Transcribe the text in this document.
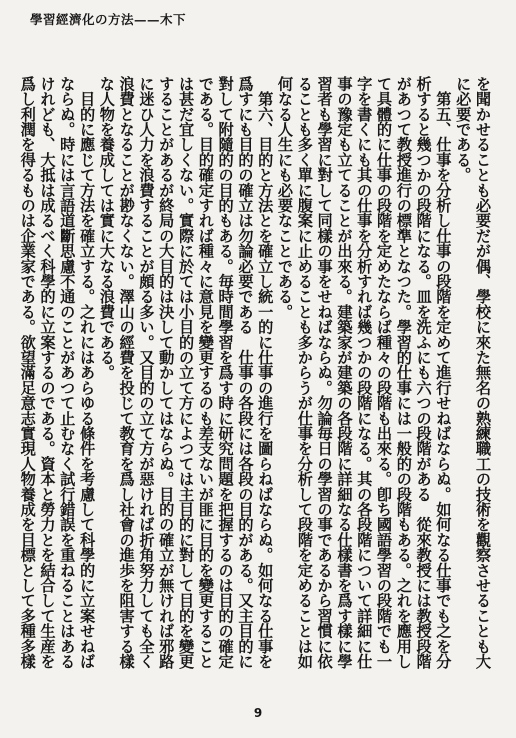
學習經濟化の方法——木下

を聞かせることも必要だが偶、學校に來た無名の熟練職工の技術を觀察させることも大に必要である。

　第五、仕事を分析し仕事の段階を定めて進行せねばならぬ。如何なる仕事でも之を分析すると幾つかの段階になる。皿を洗ふにも六つの段階がある　從來教授には教授段階があつて教授進行の標準となつた。學習的仕事には一般的の段階もある。之れを應用して具體的に仕事の段階を定めたならば種々の段階も出來る。卽ち國語學習の段階でも一字を書くにも其の仕事を分析すれば幾つかの段階になる。其の各段階について詳細に仕事の豫定も立てることが出來る。建築家が建築の各段階に詳細なる仕樣書を爲す樣に學習者も學習に對して同樣の事をせねばならぬ。勿論毎日の學習の事であるから習慣に依ることも多く單に腹案に止めることも多からうが仕事を分析して段階を定めることは如何なる人生にも必要なことである。

　第六、目的と方法とを確立し統一的に仕事の進行を圖らねばならぬ。如何なる仕事を爲すにも目的の確立は勿論必要である　仕事の各段には各段の目的がある。又主目的に對して附隨的の目的もある。毎時間學習を爲す時に研究問題を把握するのは目的の確定である。目的確定すれば種々に意見を變更するのも差支ないが匪に目的を變更することは甚だ宜しくない。實際に於ては小目的の立て方によつては主目的に對して目的を變更することがあるが終局の大目的は決して動かしてはならぬ。目的の確立が無ければ邪路に迷ひ人力を浪費することが頗る多い。又目的の立て方が惡ければ折角努力しても全く浪費となることが尠なくない。澤山の經費を投じて教育を爲し社會の進歩を阻害する樣な人物を養成しては實に大なる浪費である。

　目的に應じて方法を確立する。之れにはあらゆる條件を考慮して科學的に立案せねばならぬ。時には言語道斷思慮不通のことがあつて止むなく試行錯誤を重ねることはあるけれども、大抵は成るべく科學的に立案するのである。資本と勞力とを結合して生産を爲し利潤を得るものは企業家である。欲望滿足意志實現人物養成を目標として多種多樣

9
